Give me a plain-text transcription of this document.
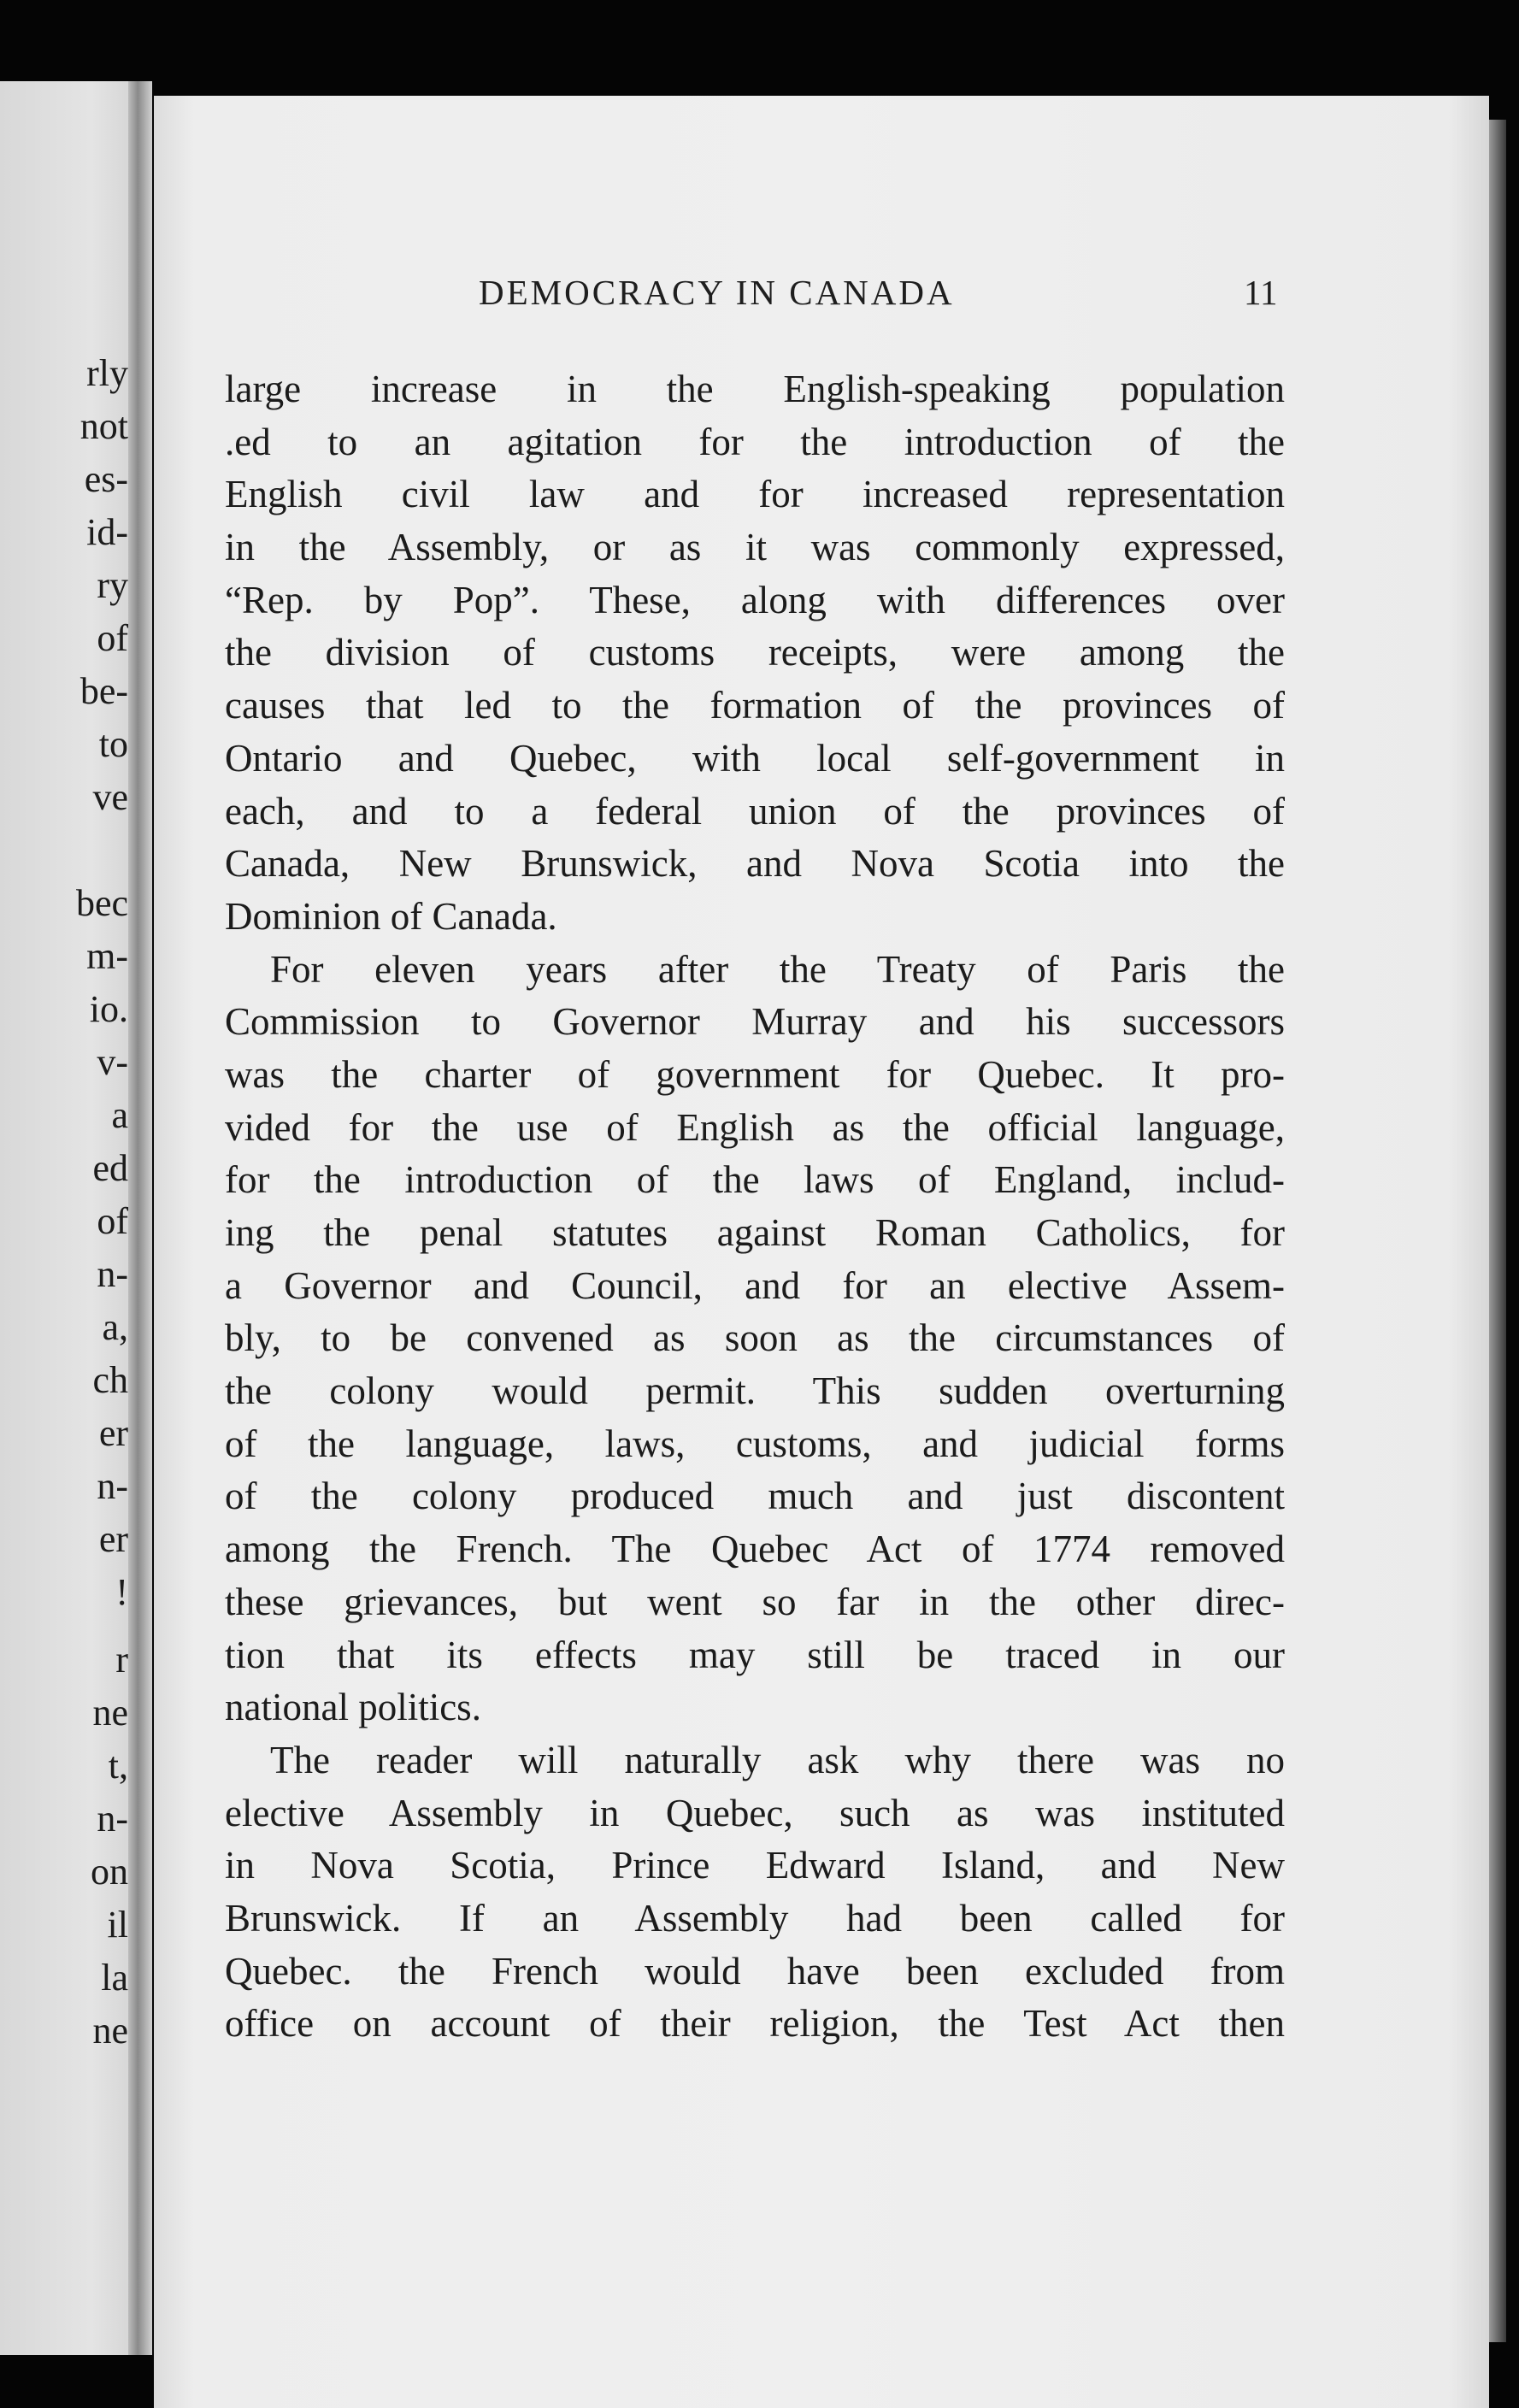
rly
not
es-
id-
ry
of
be-
to
ve
bec
m-
io.
v-
a
ed
of
n-
a,
ch
er
n-
er
!
r
ne
t,
n-
on
il
la
ne
DEMOCRACY IN CANADA	11
large increase in the English-speaking population
.ed to an agitation for the introduction of the
English civil law and for increased representation
in the Assembly, or as it was commonly expressed,
“Rep. by Pop”. These, along with differences over
the division of customs receipts, were among the
causes that led to the formation of the provinces of
Ontario and Quebec, with local self-government in
each, and to a federal union of the provinces of
Canada, New Brunswick, and Nova Scotia into the
Dominion of Canada.
For eleven years after the Treaty of Paris the
Commission to Governor Murray and his successors
was the charter of government for Quebec. It pro-
vided for the use of English as the official language,
for the introduction of the laws of England, includ-
ing the penal statutes against Roman Catholics, for
a Governor and Council, and for an elective Assem-
bly, to be convened as soon as the circumstances of
the colony would permit. This sudden overturning
of the language, laws, customs, and judicial forms
of the colony produced much and just discontent
among the French. The Quebec Act of 1774 removed
these grievances, but went so far in the other direc-
tion that its effects may still be traced in our
national politics.
The reader will naturally ask why there was no
elective Assembly in Quebec, such as was instituted
in Nova Scotia, Prince Edward Island, and New
Brunswick. If an Assembly had been called for
Quebec. the French would have been excluded from
office on account of their religion, the Test Act then
